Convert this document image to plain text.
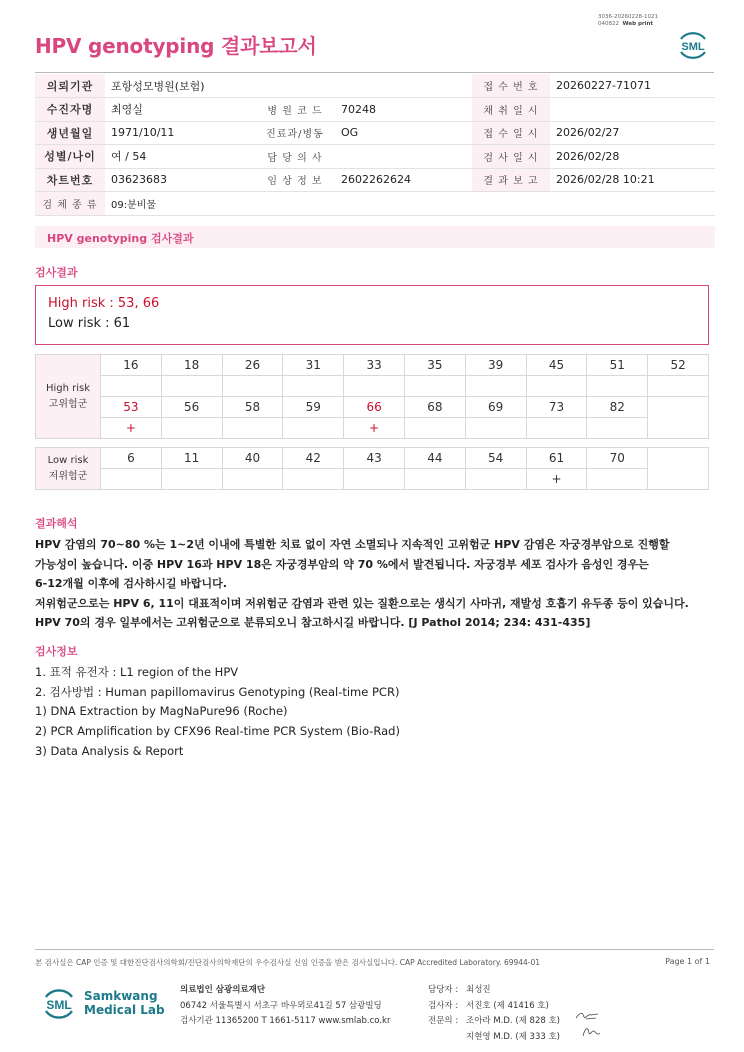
3036-20260228-1021
040822 Web print
HPV genotyping 결과보고서	SML
의뢰기관	포항성모병원(보험)			접 수 번 호	20260227-71071
수진자명	최영실	병 원 코 드	70248	채 취 일 시	
생년월일	1971/10/11	진료과/병동	OG	접 수 일 시	2026/02/27
성별/나이	여 / 54	담 당 의 사		검 사 일 시	2026/02/28
차트번호	03623683	임 상 정 보	2602262624	결 과 보 고	2026/02/28 10:21
검 체 종 류	09:분비물				
HPV genotyping 검사결과
검사결과
High risk : 53, 66
Low risk : 61
High risk
고위험군	16	18	26	31	33	35	39	45	51	52

	53	56	58	59	66	68	69	73	82	
	+				+					
Low risk
저위험군	6	11	40	42	43	44	54	61	70	
								+		
결과해석
HPV 감염의 70~80 %는 1~2년 이내에 특별한 치료 없이 자연 소멸되나 지속적인 고위험군 HPV 감염은 자궁경부암으로 진행할
가능성이 높습니다. 이중 HPV 16과 HPV 18은 자궁경부암의 약 70 %에서 발견됩니다. 자궁경부 세포 검사가 음성인 경우는
6-12개월 이후에 검사하시길 바랍니다.
저위험군으로는 HPV 6, 11이 대표적이며 저위험군 감염과 관련 있는 질환으로는 생식기 사마귀, 재발성 호흡기 유두종 등이 있습니다.
HPV 70의 경우 일부에서는 고위험군으로 분류되오니 참고하시길 바랍니다. [J Pathol 2014; 234: 431-435]
검사정보
1. 표적 유전자 : L1 region of the HPV
2. 검사방법 : Human papillomavirus Genotyping (Real-time PCR)
1) DNA Extraction by MagNaPure96 (Roche)
2) PCR Amplification by CFX96 Real-time PCR System (Bio-Rad)
3) Data Analysis & Report
본 검사실은 CAP 인증 및 대한진단검사의학회/진단검사의학재단의 우수검사실 신임 인증을 받은 검사실입니다. CAP Accredited Laboratory. 69944-01	Page 1 of 1
SML
Samkwang
Medical Lab
의료법인 삼광의료재단
06742 서울특별시 서초구 바우뫼로41길 57 삼광빌딩
검사기관 11365200 T 1661-5117 www.smlab.co.kr
담당자 : 최성진
검사자 : 서진호 (제 41416 호)
전문의 : 조아라 M.D. (제 828 호)
지현영 M.D. (제 333 호)
